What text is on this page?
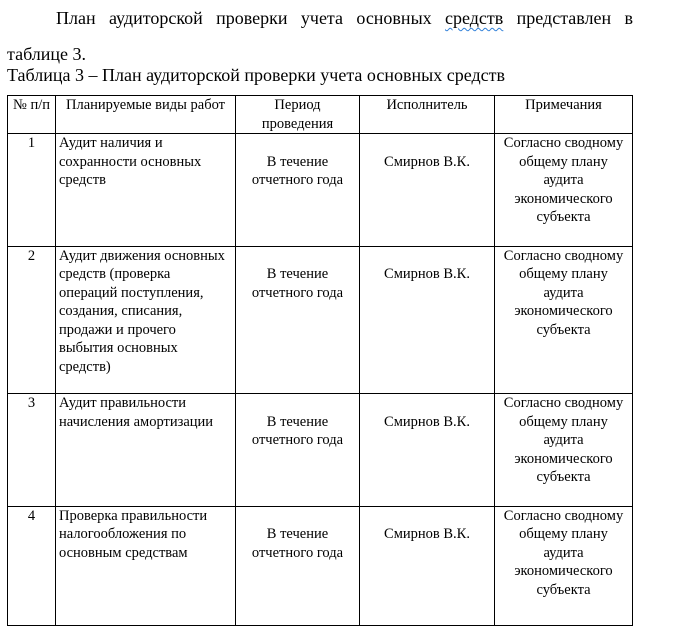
План аудиторской проверки учета основных средств представлен в таблице 3.

Таблица 3 – План аудиторской проверки учета основных средств
№ п/п	Планируемые виды работ	Период проведения	Исполнитель	Примечания
1	Аудит наличия и сохранности основных средств	В течение отчетного года	Смирнов В.К.	Согласно сводному общему плану аудита экономического субъекта
2	Аудит движения основных средств (проверка операций поступления, создания, списания, продажи и прочего выбытия основных средств)	В течение отчетного года	Смирнов В.К.	Согласно сводному общему плану аудита экономического субъекта
3	Аудит правильности начисления амортизации	В течение отчетного года	Смирнов В.К.	Согласно сводному общему плану аудита экономического субъекта
4	Проверка правильности налогообложения по основным средствам	В течение отчетного года	Смирнов В.К.	Согласно сводному общему плану аудита экономического субъекта
